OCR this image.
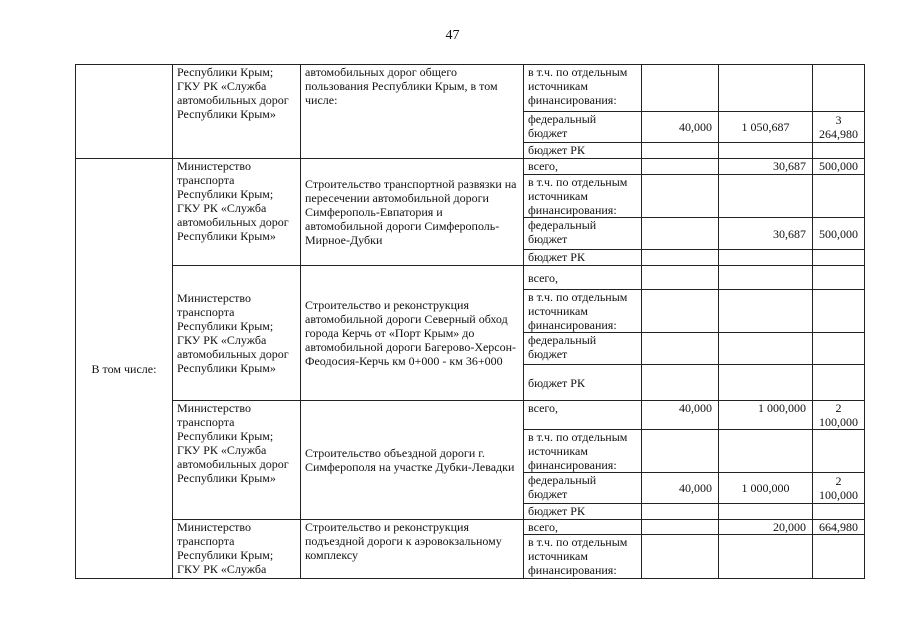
47
	Республики Крым; ГКУ РК «Служба автомобильных дорог Республики Крым»	автомобильных дорог общего пользования Республики Крым, в том числе:	в т.ч. по отдельным источникам финансирования:			
			федеральный бюджет	40,000	1 050,687	3 264,980
			бюджет РК			
В том числе:	Министерство транспорта Республики Крым; ГКУ РК «Служба автомобильных дорог Республики Крым»	Строительство транспортной развязки на пересечении автомобильной дороги Симферополь-Евпатория и автомобильной дороги Симферополь-Мирное-Дубки	всего,		30,687	500,000
			в т.ч. по отдельным источникам финансирования:			
			федеральный бюджет		30,687	500,000
			бюджет РК			
	Министерство транспорта Республики Крым; ГКУ РК «Служба автомобильных дорог Республики Крым»	Строительство и реконструкция автомобильной дороги Северный обход города Керчь от «Порт Крым» до автомобильной дороги Багерово-Херсон-Феодосия-Керчь км 0+000 - км 36+000	всего,			
			в т.ч. по отдельным источникам финансирования:			
			федеральный бюджет			
			бюджет РК			
	Министерство транспорта Республики Крым; ГКУ РК «Служба автомобильных дорог Республики Крым»	Строительство объездной дороги г. Симферополя на участке Дубки-Левадки	всего,	40,000	1 000,000	2 100,000
			в т.ч. по отдельным источникам финансирования:			
			федеральный бюджет	40,000	1 000,000	2 100,000
			бюджет РК			
	Министерство транспорта Республики Крым; ГКУ РК «Служба	Строительство и реконструкция подъездной дороги к аэровокзальному комплексу	всего,		20,000	664,980
			в т.ч. по отдельным источникам финансирования:			
